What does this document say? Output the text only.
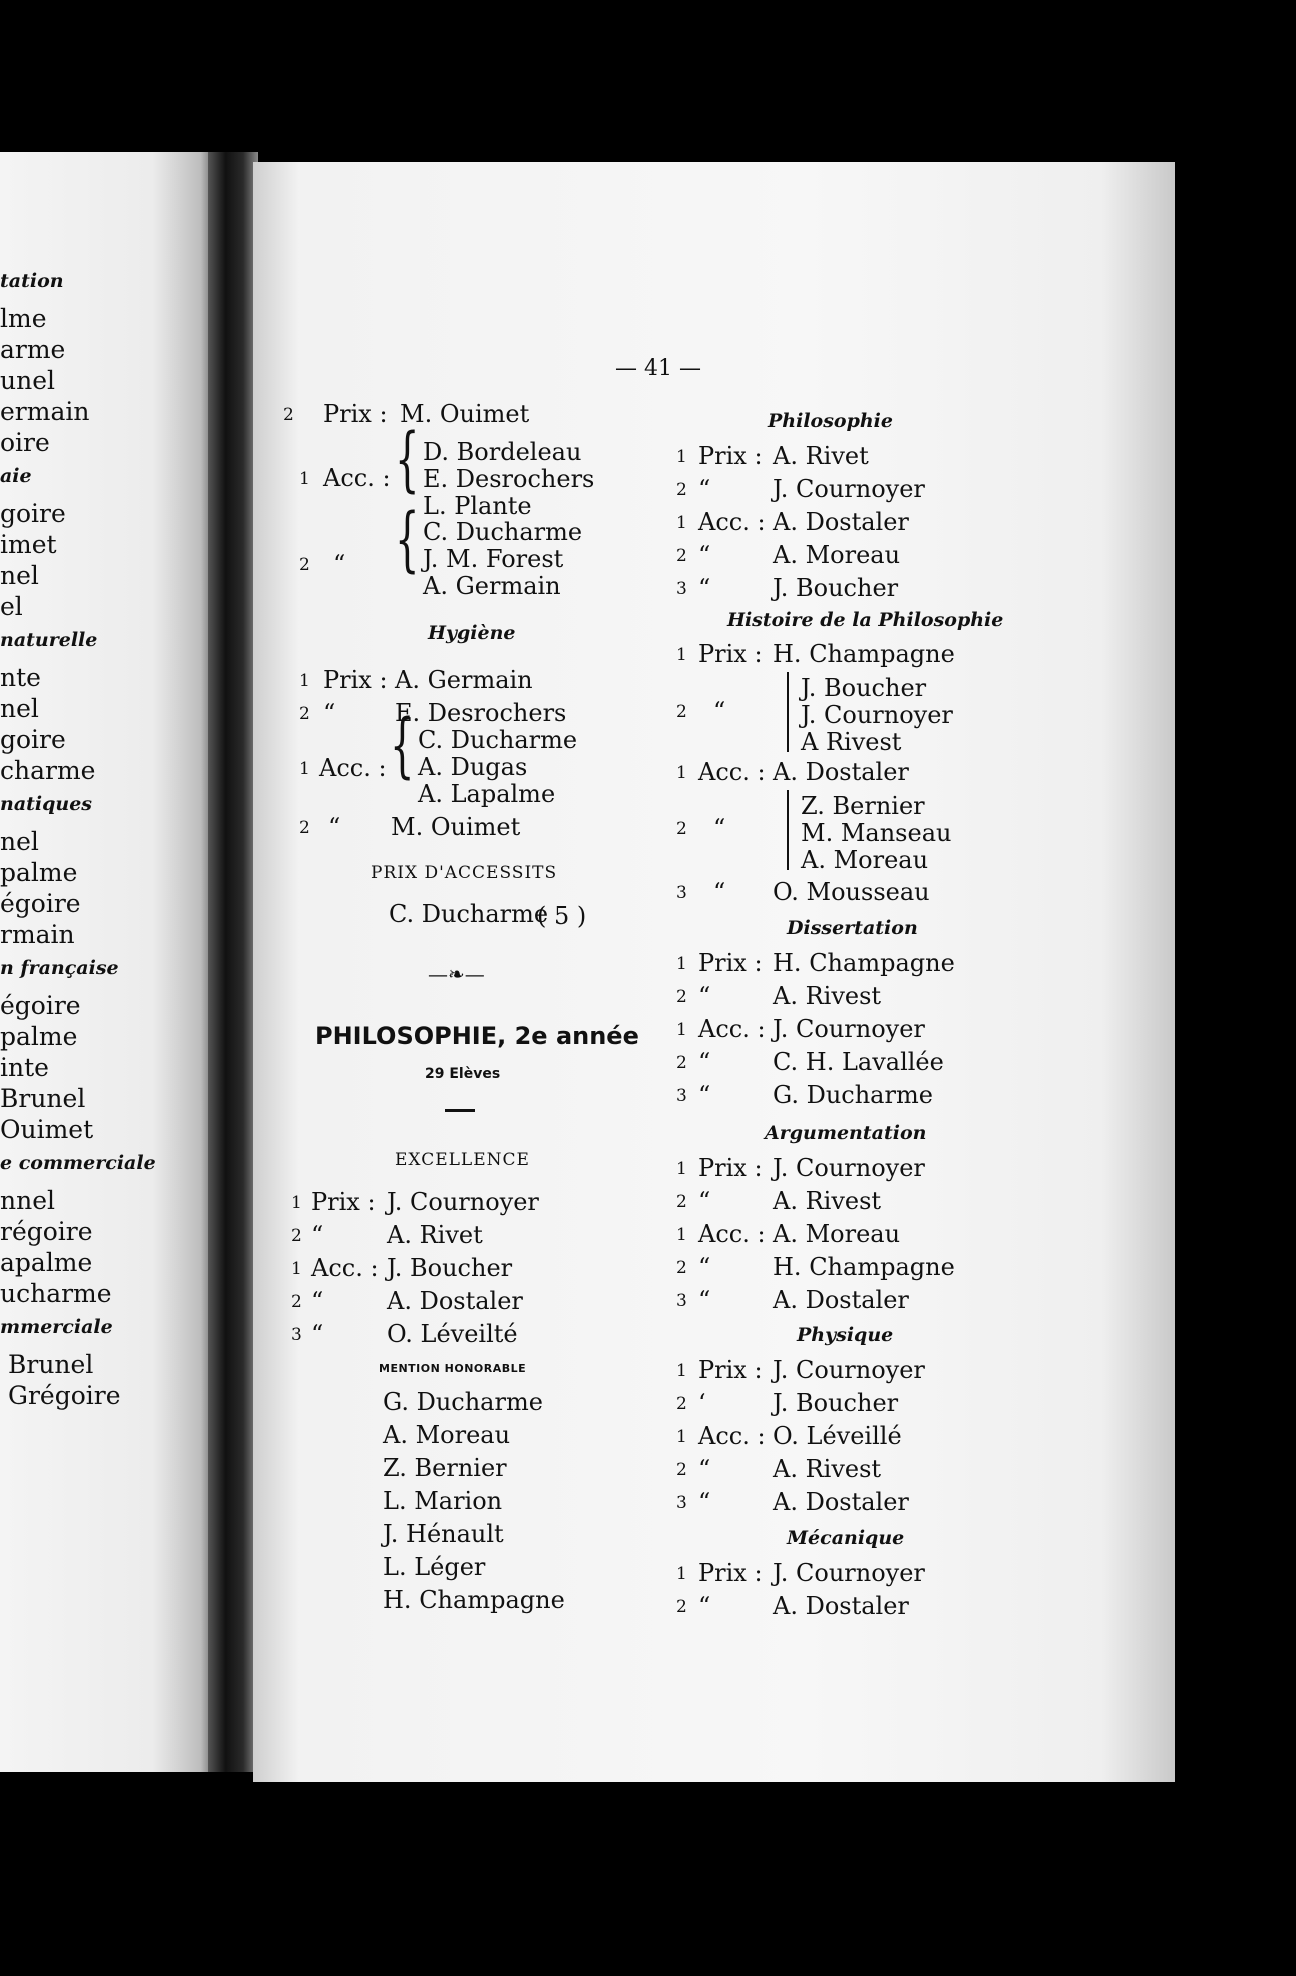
tation
lme
arme
unel
ermain
oire
aie
goire
imet
nel
el
naturelle
nte
nel
goire
charme
natiques
nel
palme
égoire
rmain
n française
égoire
palme
inte
Brunel
Ouimet
e commerciale
nnel
régoire
apalme
ucharme
mmerciale
Brunel
Grégoire
— 41 —
2 Prix : M. Ouimet
1 Acc. : { D. Bordeleau
E. Desrochers
L. Plante
2 “ { C. Ducharme
J. M. Forest
A. Germain
Hygiène
1 Prix : A. Germain
2 “ E. Desrochers
1 Acc. : { C. Ducharme
A. Dugas
A. Lapalme
2 “ M. Ouimet
PRIX D'ACCESSITS
C. Ducharme
( 5 )
—❧—
PHILOSOPHIE, 2e année
29 Elèves
EXCELLENCE
1 Prix : J. Cournoyer
2 “	A. Rivet
1 Acc. : J. Boucher
2 “	A. Dostaler
3 “	O. Léveilté
MENTION HONORABLE
G. Ducharme
A. Moreau
Z. Bernier
L. Marion
J. Hénault
L. Léger
H. Champagne
Philosophie
1 Prix : A. Rivet
2 “	J. Cournoyer
1 Acc. : A. Dostaler
2 “	A. Moreau
3 “	J. Boucher
Histoire de la Philosophie
1 Prix : H. Champagne
2 “
J. Boucher
J. Cournoyer
A Rivest
1 Acc. : A. Dostaler
2 “
Z. Bernier
M. Manseau
A. Moreau
3 “ O. Mousseau
Dissertation
1 Prix : H. Champagne
2 “	A. Rivest
1 Acc. : J. Cournoyer
2 “	C. H. Lavallée
3 “	G. Ducharme
Argumentation
1 Prix : J. Cournoyer
2 “	A. Rivest
1 Acc. : A. Moreau
2 “	H. Champagne
3 “	A. Dostaler
Physique
1 Prix : J. Cournoyer
2 ‘	J. Boucher
1 Acc. : O. Léveillé
2 “	A. Rivest
3 “	A. Dostaler
Mécanique
1 Prix : J. Cournoyer
2 “	A. Dostaler
